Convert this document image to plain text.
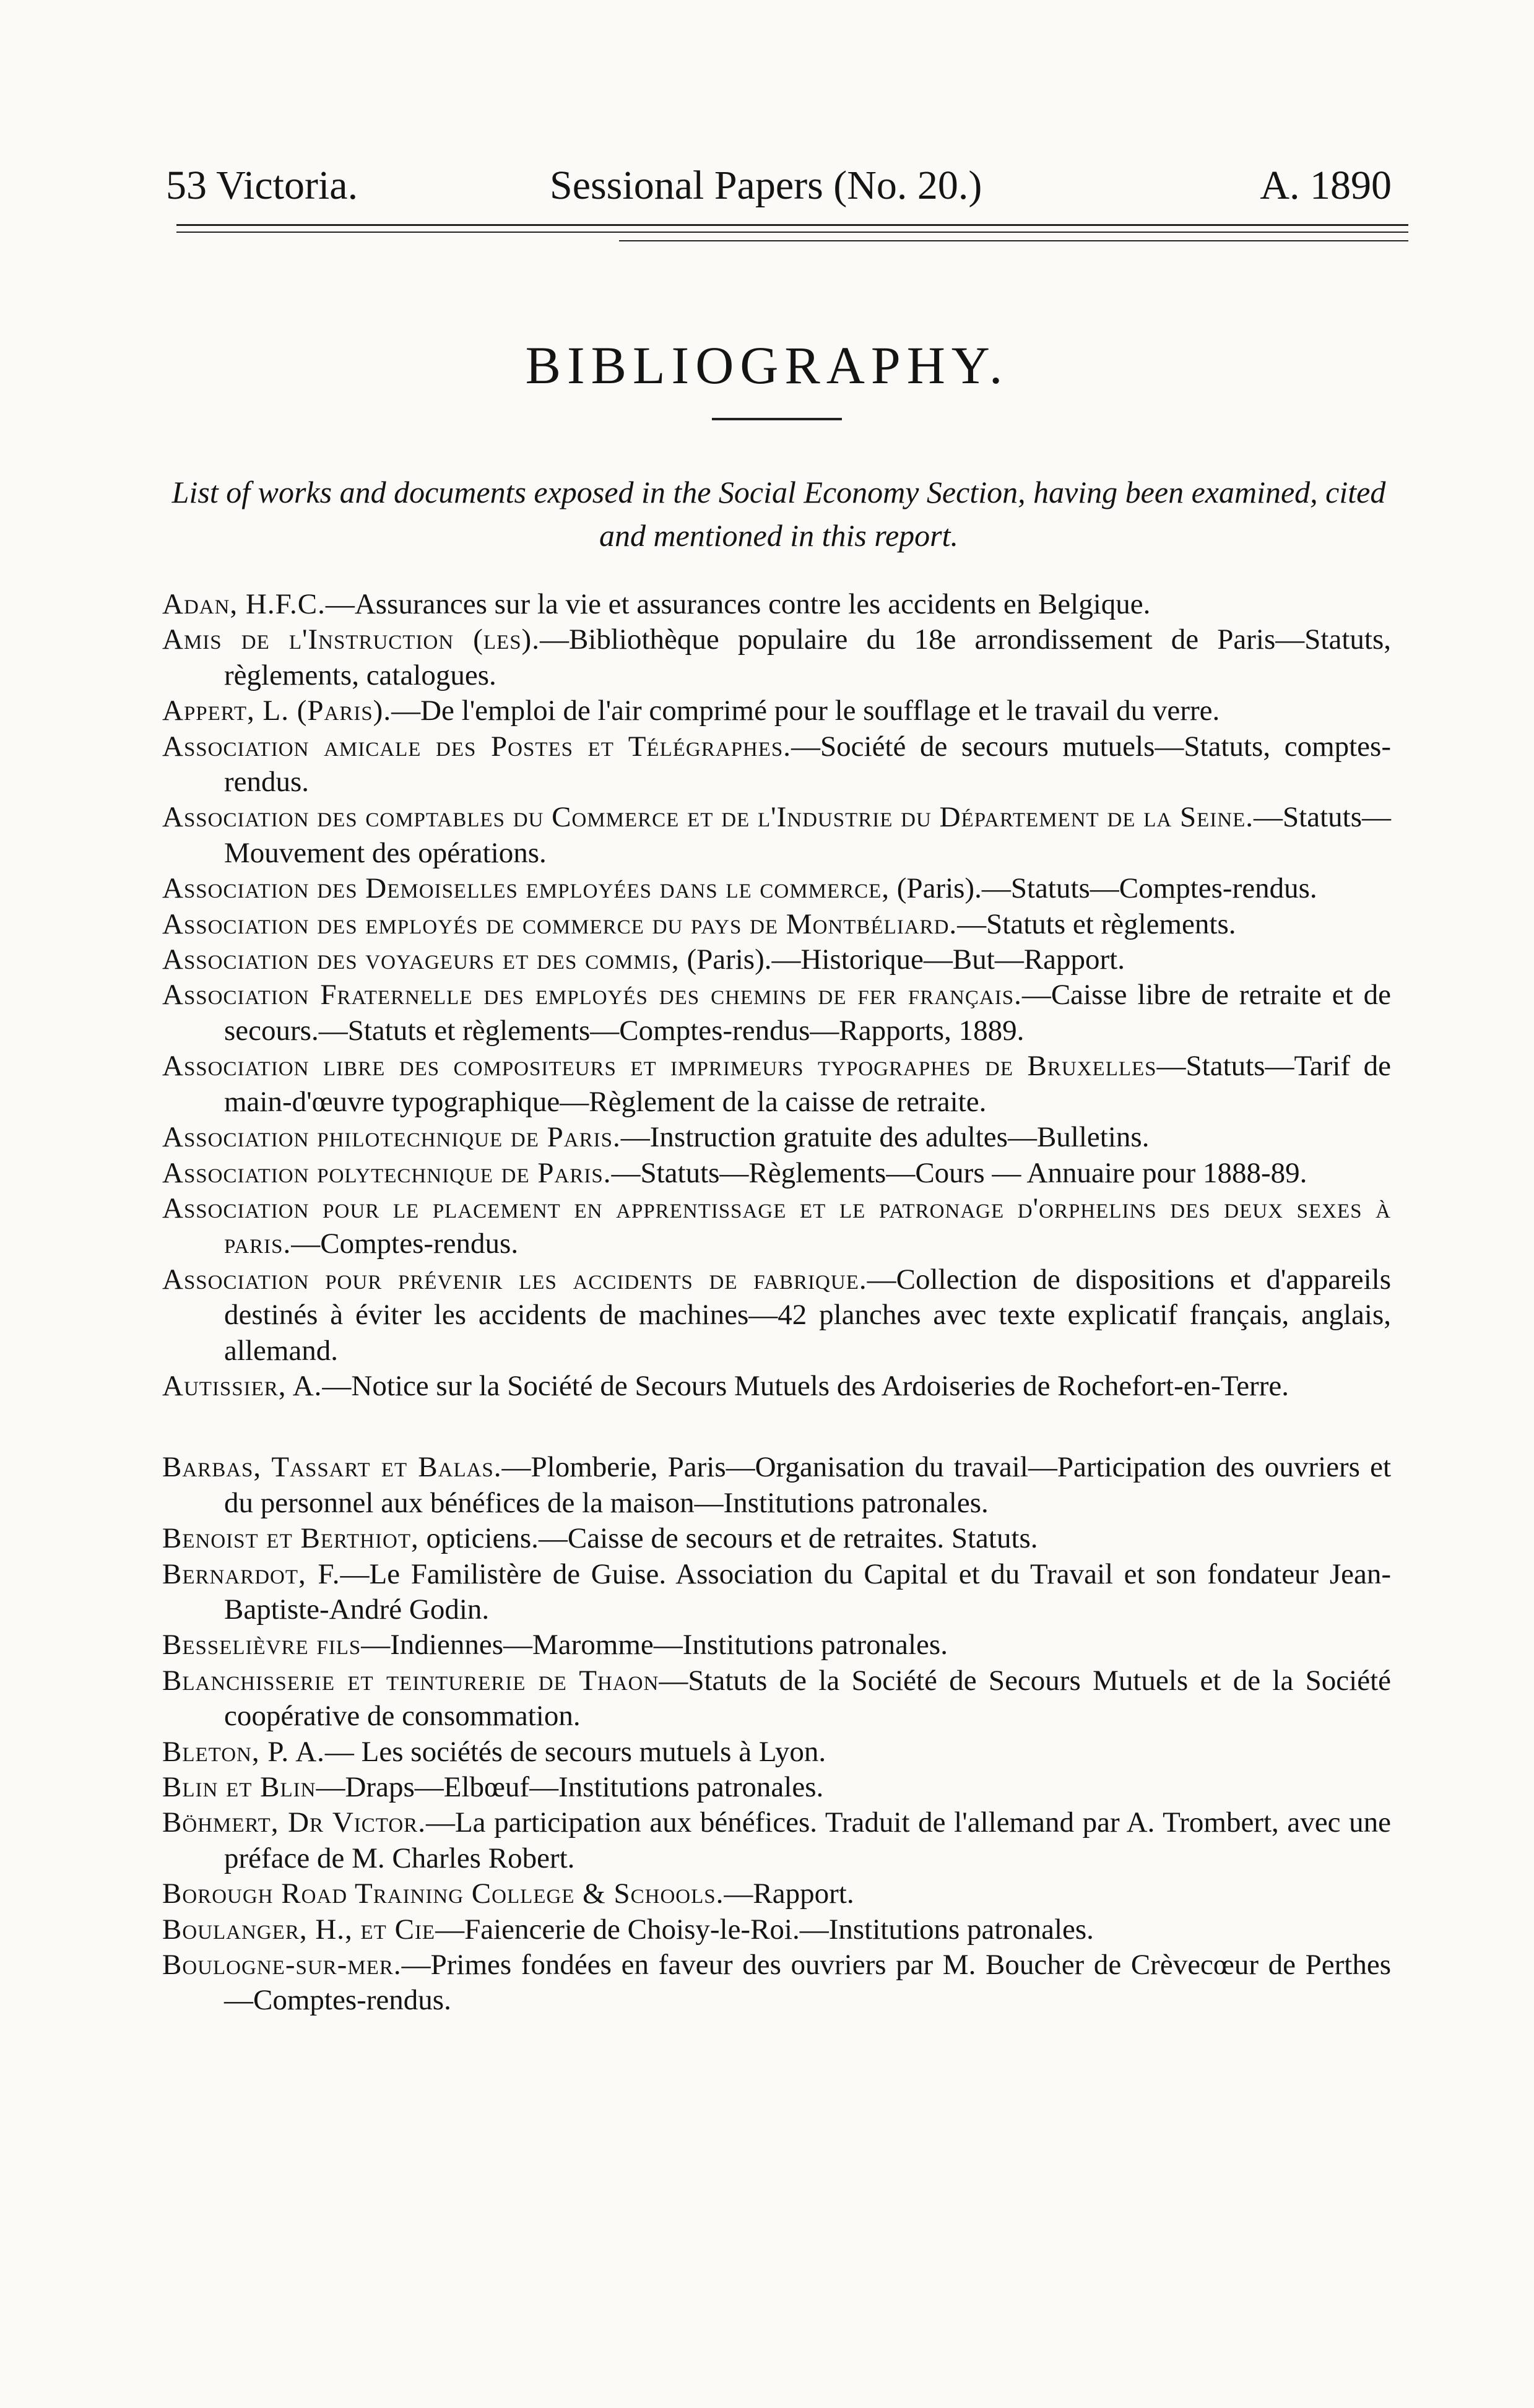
53 Victoria.	Sessional Papers (No. 20.)	A. 1890
BIBLIOGRAPHY.
List of works and documents exposed in the Social Economy Section, having been examined, cited and mentioned in this report.

Adan, H.F.C.—Assurances sur la vie et assurances contre les accidents en Belgique.

Amis de l'Instruction (les).—Bibliothèque populaire du 18e arrondissement de Paris—Statuts, règlements, catalogues.

Appert, L. (Paris).—De l'emploi de l'air comprimé pour le soufflage et le travail du verre.

Association amicale des Postes et Télégraphes.—Société de secours mutuels—Statuts, comptes-rendus.

Association des comptables du Commerce et de l'Industrie du Département de la Seine.—Statuts—Mouvement des opérations.

Association des Demoiselles employées dans le commerce, (Paris).—Statuts—Comptes-rendus.

Association des employés de commerce du pays de Montbéliard.—Statuts et règlements.

Association des voyageurs et des commis, (Paris).—Historique—But—Rapport.

Association Fraternelle des employés des chemins de fer français.—Caisse libre de retraite et de secours.—Statuts et règlements—Comptes-rendus—Rapports, 1889.

Association libre des compositeurs et imprimeurs typographes de Bruxelles—Statuts—Tarif de main-d'œuvre typographique—Règlement de la caisse de retraite.

Association philotechnique de Paris.—Instruction gratuite des adultes—Bulletins.

Association polytechnique de Paris.—Statuts—Règlements—Cours — Annuaire pour 1888-89.

Association pour le placement en apprentissage et le patronage d'orphelins des deux sexes à paris.—Comptes-rendus.

Association pour prévenir les accidents de fabrique.—Collection de dispositions et d'appareils destinés à éviter les accidents de machines—42 planches avec texte explicatif français, anglais, allemand.

Autissier, A.—Notice sur la Société de Secours Mutuels des Ardoiseries de Rochefort-en-Terre.

Barbas, Tassart et Balas.—Plomberie, Paris—Organisation du travail—Participation des ouvriers et du personnel aux bénéfices de la maison—Institutions patronales.

Benoist et Berthiot, opticiens.—Caisse de secours et de retraites. Statuts.

Bernardot, F.—Le Familistère de Guise. Association du Capital et du Travail et son fondateur Jean-Baptiste-André Godin.

Besselièvre fils—Indiennes—Maromme—Institutions patronales.

Blanchisserie et teinturerie de Thaon—Statuts de la Société de Secours Mutuels et de la Société coopérative de consommation.

Bleton, P. A.— Les sociétés de secours mutuels à Lyon.

Blin et Blin—Draps—Elbœuf—Institutions patronales.

Böhmert, Dr Victor.—La participation aux bénéfices. Traduit de l'allemand par A. Trombert, avec une préface de M. Charles Robert.

Borough Road Training College & Schools.—Rapport.

Boulanger, H., et Cie—Faiencerie de Choisy-le-Roi.—Institutions patronales.

Boulogne-sur-mer.—Primes fondées en faveur des ouvriers par M. Boucher de Crèvecœur de Perthes—Comptes-rendus.
